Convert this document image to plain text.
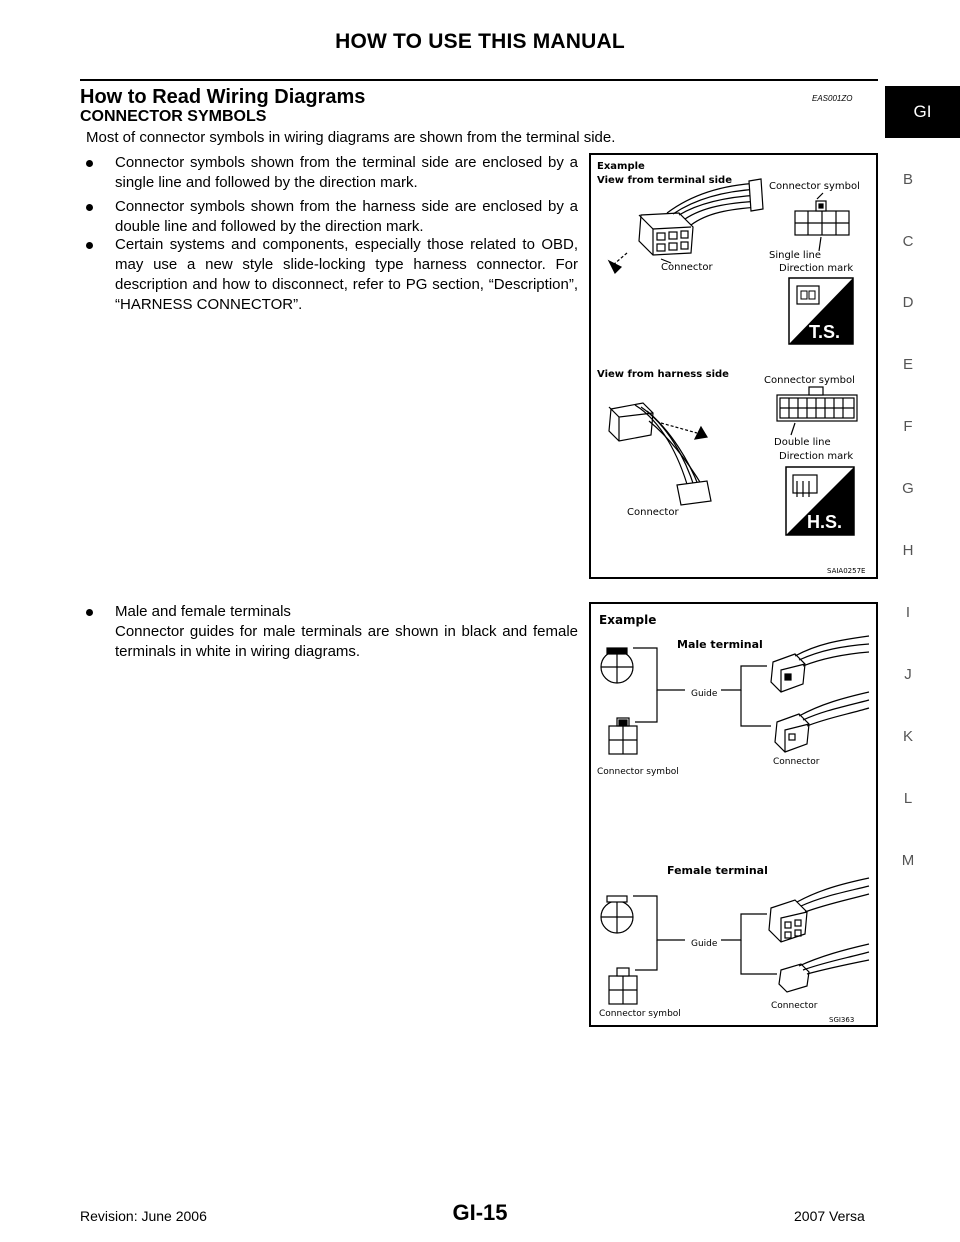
HOW TO USE THIS MANUAL
GI
B
C
D
E
F
G
H
I
J
K
L
M
How to Read Wiring Diagrams	EAS001ZO
CONNECTOR SYMBOLS
Most of connector symbols in wiring diagrams are shown from the terminal side.
Connector symbols shown from the terminal side are enclosed by a single line and followed by the direction mark.
Connector symbols shown from the harness side are enclosed by a double line and followed by the direction mark.
Certain systems and components, especially those related to OBD, may use a new style slide-locking type harness connector. For description and how to disconnect, refer to PG section, “Description”, “HARNESS CONNECTOR”.
Male and female terminals
Connector guides for male terminals are shown in black and female terminals in white in wiring diagrams.
Example
View from terminal side
View from harness side
Connector symbol
Connector
Single line
Direction mark
Connector symbol
Double line
Direction mark
Connector
SAIA0257E
T.S.
H.S.
Example
Male terminal
Female terminal
Guide
Connector symbol
Connector
Guide
Connector symbol
Connector
SGI363
Revision: June 2006	GI-15	2007 Versa
